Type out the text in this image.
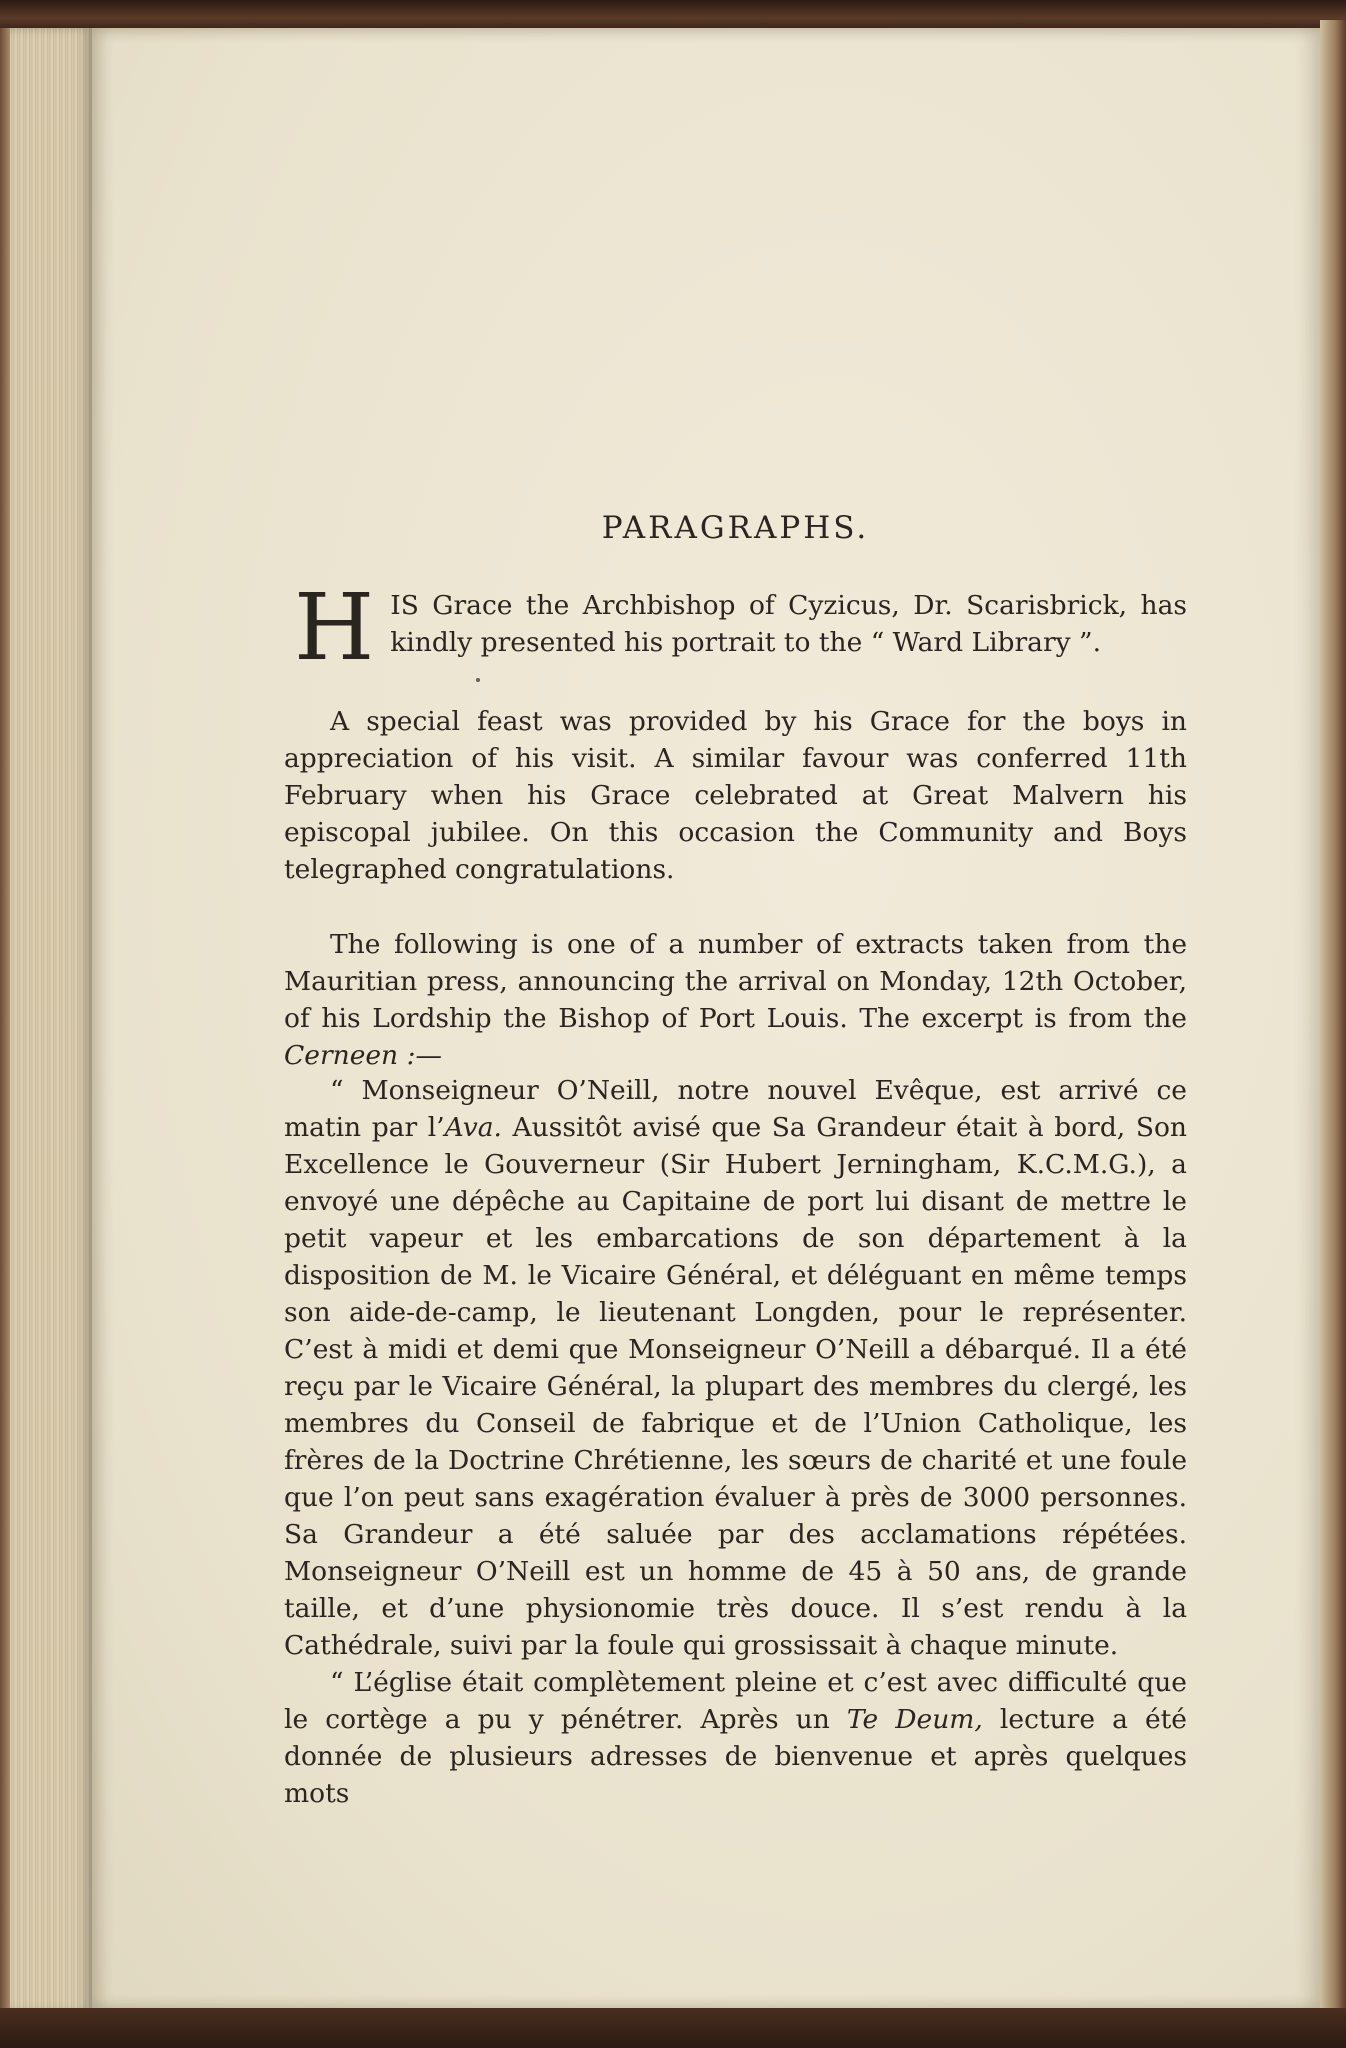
PARAGRAPHS.

H IS Grace the Archbishop of Cyzicus, Dr. Scarisbrick, has kindly presented his portrait to the “ Ward Library ”.

A special feast was provided by his Grace for the boys in appreciation of his visit. A similar favour was conferred 11th February when his Grace celebrated at Great Malvern his episcopal jubilee. On this occasion the Community and Boys telegraphed congratulations.

The following is one of a number of extracts taken from the Mauritian press, announcing the arrival on Monday, 12th October, of his Lordship the Bishop of Port Louis. The excerpt is from the Cerneen :—

“ Monseigneur O’Neill, notre nouvel Evêque, est arrivé ce matin par l’Ava. Aussitôt avisé que Sa Grandeur était à bord, Son Excellence le Gouverneur (Sir Hubert Jerningham, K.C.M.G.), a envoyé une dépêche au Capitaine de port lui disant de mettre le petit vapeur et les embarcations de son département à la disposition de M. le Vicaire Général, et déléguant en même temps son aide-de-camp, le lieutenant Longden, pour le représenter. C’est à midi et demi que Monseigneur O’Neill a débarqué. Il a été reçu par le Vicaire Général, la plupart des membres du clergé, les membres du Conseil de fabrique et de l’Union Catholique, les frères de la Doctrine Chrétienne, les sœurs de charité et une foule que l’on peut sans exagération évaluer à près de 3000 personnes. Sa Grandeur a été saluée par des acclamations répétées. Monseigneur O’Neill est un homme de 45 à 50 ans, de grande taille, et d’une physionomie très douce. Il s’est rendu à la Cathédrale, suivi par la foule qui grossissait à chaque minute.

“ L’église était complètement pleine et c’est avec difficulté que le cortège a pu y pénétrer. Après un Te Deum, lecture a été donnée de plusieurs adresses de bienvenue et après quelques mots
